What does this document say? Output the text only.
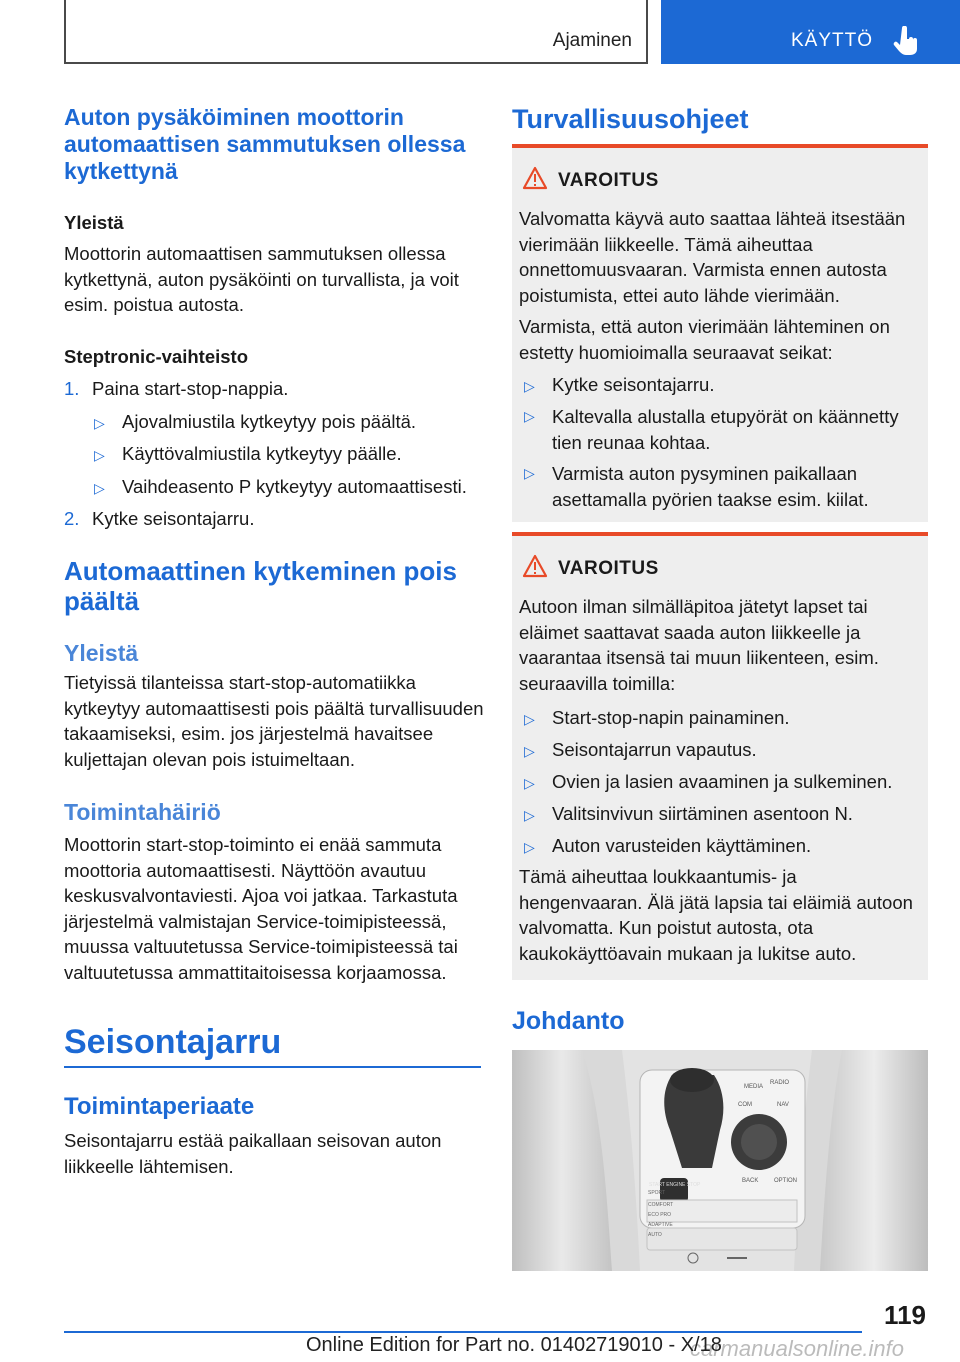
Ajaminen	KÄYTTÖ
Auton pysäköiminen moottorin automaattisen sammutuksen ollessa kytkettynä
Yleistä

Moottorin automaattisen sammutuksen ollessa kytkettynä, auton pysäköinti on turvallista, ja voit esim. poistua autosta.

Steptronic-vaihteisto
1. Paina start-stop-nappia.
▷ Ajovalmiustila kytkeytyy pois päältä.
▷ Käyttövalmiustila kytkeytyy päälle.
▷ Vaihdeasento P kytkeytyy automaattisesti.
2. Kytke seisontajarru.
Automaattinen kytkeminen pois päältä
Yleistä

Tietyissä tilanteissa start-stop-automatiikka kytkeytyy automaattisesti pois päältä turvallisuuden takaamiseksi, esim. jos järjestelmä havaitsee kuljettajan olevan pois istuimeltaan.

Toimintahäiriö

Moottorin start-stop-toiminto ei enää sammuta moottoria automaattisesti. Näyttöön avautuu keskusvalvontaviesti. Ajoa voi jatkaa. Tarkastuta järjestelmä valmistajan Service-toimipisteessä, muussa valtuutetussa Service-toimipisteessä tai valtuutetussa ammattitaitoisessa korjaamossa.

Seisontajarru
Toimintaperiaate

Seisontajarru estää paikallaan seisovan auton liikkeelle lähtemisen.

Turvallisuusohjeet
VAROITUS

Valvomatta käyvä auto saattaa lähteä itsestään vierimään liikkeelle. Tämä aiheuttaa onnettomuusvaaran. Varmista ennen autosta poistumista, ettei auto lähde vierimään.

Varmista, että auton vierimään lähteminen on estetty huomioimalla seuraavat seikat:

▷ Kytke seisontajarru.
▷ Kaltevalla alustalla etupyörät on käännetty tien reunaa kohtaa.
▷ Varmista auton pysyminen paikallaan asettamalla pyörien taakse esim. kiilat.
VAROITUS

Autoon ilman silmälläpitoa jätetyt lapset tai eläimet saattavat saada auton liikkeelle ja vaarantaa itsensä tai muun liikenteen, esim. seuraavilla toimilla:

▷ Start-stop-napin painaminen.
▷ Seisontajarrun vapautus.
▷ Ovien ja lasien avaaminen ja sulkeminen.
▷ Valitsinvivun siirtäminen asentoon N.
▷ Auton varusteiden käyttäminen.

Tämä aiheuttaa loukkaantumis- ja hengenvaaran. Älä jätä lapsia tai eläimiä autoon valvomatta. Kun poistut autosta, ota kaukokäyttöavain mukaan ja lukitse auto.

Johdanto
MEDIA
RADIO
COM	NAV
BACK	OPTION
START ENGINE STOP
SPORT
COMFORT
ECO PRO
ADAPTIVE
AUTO
119
carmanualsonline.info
Online Edition for Part no. 01402719010 - X/18
